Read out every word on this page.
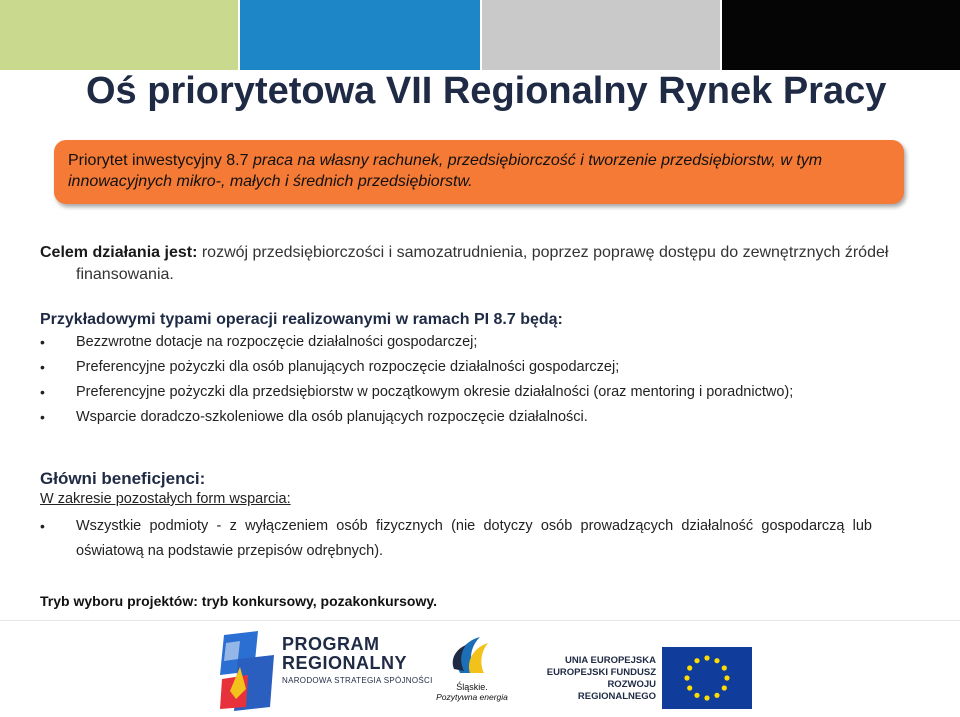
Oś priorytetowa VII Regionalny Rynek Pracy
Priorytet inwestycyjny 8.7 praca na własny rachunek, przedsiębiorczość i tworzenie przedsiębiorstw, w tym innowacyjnych mikro-, małych i średnich przedsiębiorstw.
Celem działania jest: rozwój przedsiębiorczości i samozatrudnienia, poprzez poprawę dostępu do zewnętrznych źródeł finansowania.
Przykładowymi typami operacji realizowanymi w ramach PI 8.7 będą:
• Bezzwrotne dotacje na rozpoczęcie działalności gospodarczej;
• Preferencyjne pożyczki dla osób planujących rozpoczęcie działalności gospodarczej;
• Preferencyjne pożyczki dla przedsiębiorstw w początkowym okresie działalności (oraz mentoring i poradnictwo);
• Wsparcie doradczo-szkoleniowe dla osób planujących rozpoczęcie działalności.
Główni beneficjenci:
W zakresie pozostałych form wsparcia:
• Wszystkie podmioty - z wyłączeniem osób fizycznych (nie dotyczy osób prowadzących działalność gospodarczą lub oświatową na podstawie przepisów odrębnych).
Tryb wyboru projektów: tryb konkursowy, pozakonkursowy.
PROGRAM
REGIONALNY
NARODOWA STRATEGIA SPÓJNOŚCI
Śląskie.
Pozytywna energia
UNIA EUROPEJSKA
EUROPEJSKI FUNDUSZ
ROZWOJU REGIONALNEGO
